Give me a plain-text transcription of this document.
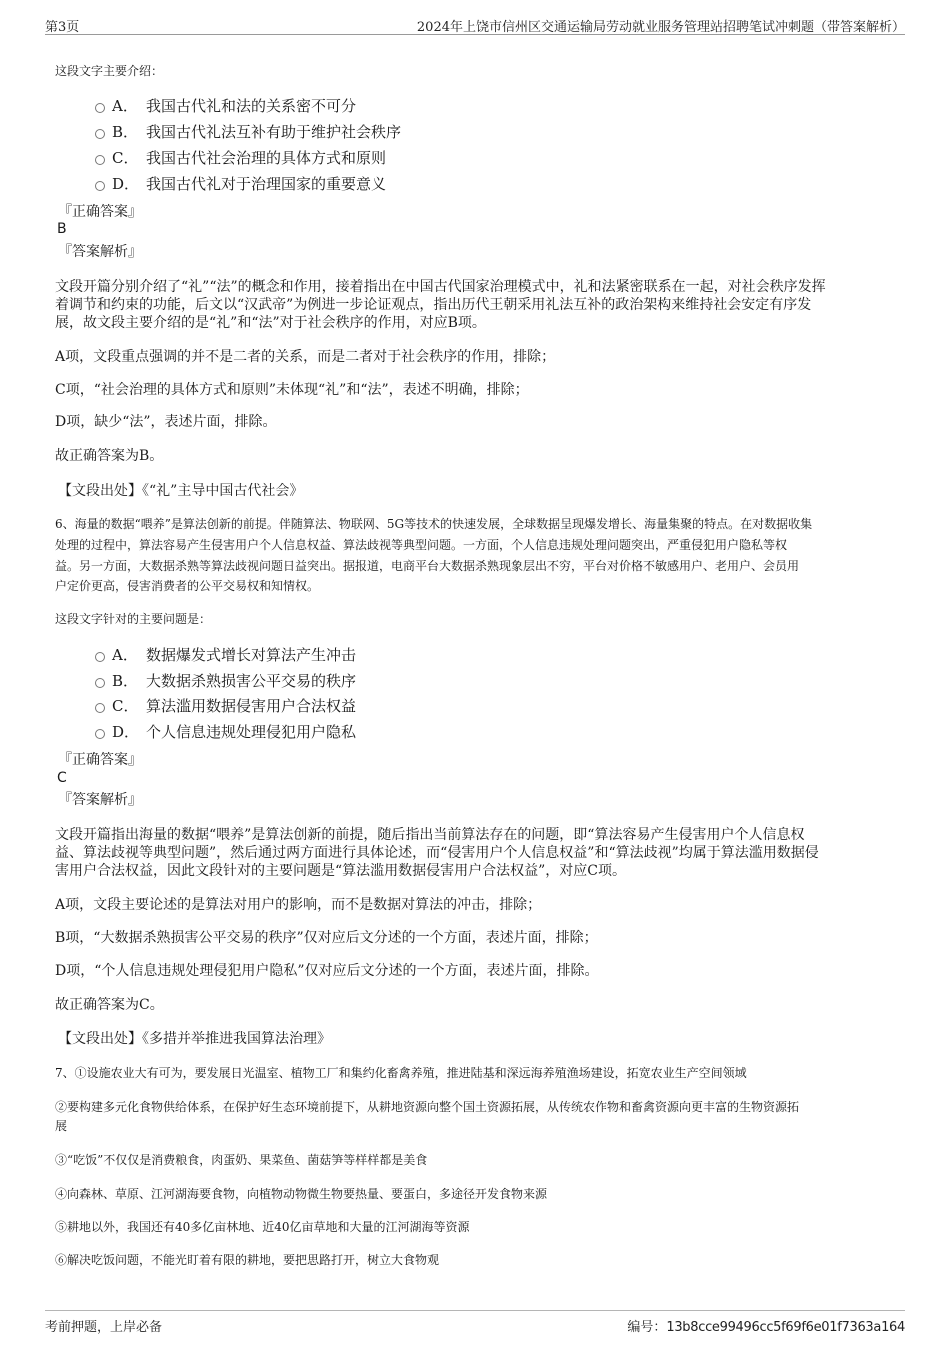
第3页	2024年上饶市信州区交通运输局劳动就业服务管理站招聘笔试冲刺题（带答案解析）
这段文字主要介绍：
A． 我国古代礼和法的关系密不可分
B． 我国古代礼法互补有助于维护社会秩序
C． 我国古代社会治理的具体方式和原则
D． 我国古代礼对于治理国家的重要意义
『正确答案』
B
『答案解析』
文段开篇分别介绍了“礼”“法”的概念和作用，接着指出在中国古代国家治理模式中，礼和法紧密联系在一起，对社会秩序发挥
着调节和约束的功能，后文以“汉武帝”为例进一步论证观点，指出历代王朝采用礼法互补的政治架构来维持社会安定有序发
展，故文段主要介绍的是“礼”和“法”对于社会秩序的作用，对应B项。
A项，文段重点强调的并不是二者的关系，而是二者对于社会秩序的作用，排除；
C项，“社会治理的具体方式和原则”未体现“礼”和“法”，表述不明确，排除；
D项，缺少“法”，表述片面，排除。
故正确答案为B。
【文段出处】《“礼”主导中国古代社会》
6、海量的数据“喂养”是算法创新的前提。伴随算法、物联网、5G等技术的快速发展，全球数据呈现爆发增长、海量集聚的特点。在对数据收集
处理的过程中，算法容易产生侵害用户个人信息权益、算法歧视等典型问题。一方面，个人信息违规处理问题突出，严重侵犯用户隐私等权
益。另一方面，大数据杀熟等算法歧视问题日益突出。据报道，电商平台大数据杀熟现象层出不穷，平台对价格不敏感用户、老用户、会员用
户定价更高，侵害消费者的公平交易权和知情权。
这段文字针对的主要问题是：
A． 数据爆发式增长对算法产生冲击
B． 大数据杀熟损害公平交易的秩序
C． 算法滥用数据侵害用户合法权益
D． 个人信息违规处理侵犯用户隐私
『正确答案』
C
『答案解析』
文段开篇指出海量的数据“喂养”是算法创新的前提，随后指出当前算法存在的问题，即“算法容易产生侵害用户个人信息权
益、算法歧视等典型问题”，然后通过两方面进行具体论述，而“侵害用户个人信息权益”和“算法歧视”均属于算法滥用数据侵
害用户合法权益，因此文段针对的主要问题是“算法滥用数据侵害用户合法权益”，对应C项。
A项，文段主要论述的是算法对用户的影响，而不是数据对算法的冲击，排除；
B项，“大数据杀熟损害公平交易的秩序”仅对应后文分述的一个方面，表述片面，排除；
D项，“个人信息违规处理侵犯用户隐私”仅对应后文分述的一个方面，表述片面，排除。
故正确答案为C。
【文段出处】《多措并举推进我国算法治理》
7、①设施农业大有可为，要发展日光温室、植物工厂和集约化畜禽养殖，推进陆基和深远海养殖渔场建设，拓宽农业生产空间领域
②要构建多元化食物供给体系，在保护好生态环境前提下，从耕地资源向整个国土资源拓展，从传统农作物和畜禽资源向更丰富的生物资源拓
展
③“吃饭”不仅仅是消费粮食，肉蛋奶、果菜鱼、菌菇笋等样样都是美食
④向森林、草原、江河湖海要食物，向植物动物微生物要热量、要蛋白，多途径开发食物来源
⑤耕地以外，我国还有40多亿亩林地、近40亿亩草地和大量的江河湖海等资源
⑥解决吃饭问题，不能光盯着有限的耕地，要把思路打开，树立大食物观
考前押题，上岸必备	编号：13b8cce99496cc5f69f6e01f7363a164
